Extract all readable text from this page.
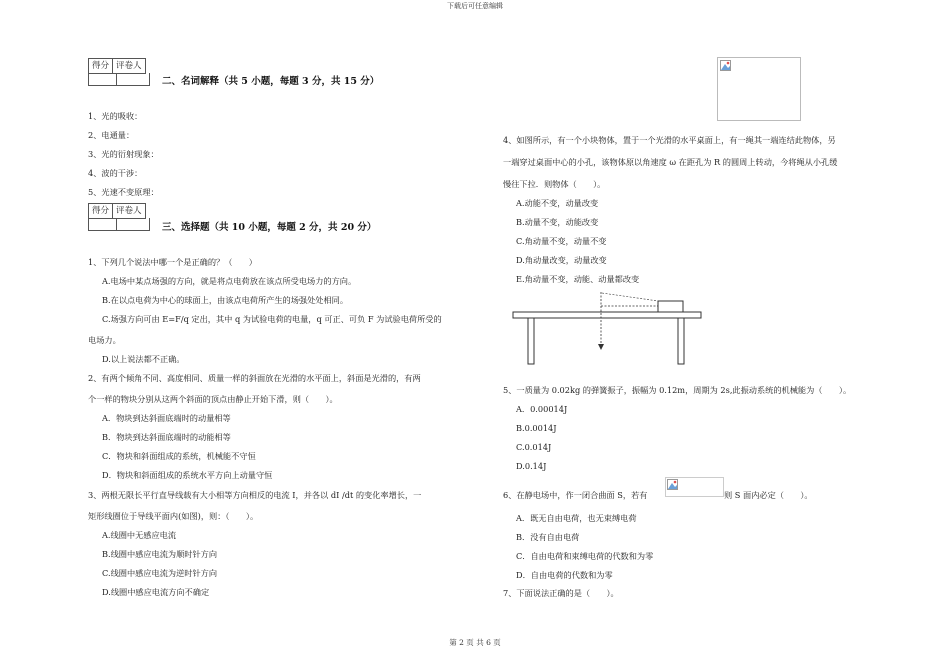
下载后可任意编辑
第 2 页 共 6 页
得分 评卷人
二、名词解释（共 5 小题，每题 3 分，共 15 分）
1、光的吸收：
2、电通量：
3、光的衍射现象：
4、波的干涉：
5、光速不变原理：
得分 评卷人
三、选择题（共 10 小题，每题 2 分，共 20 分）
1、下列几个说法中哪一个是正确的？（　　）
A.电场中某点场强的方向，就是将点电荷放在该点所受电场力的方向。
B.在以点电荷为中心的球面上，由该点电荷所产生的场强处处相同。
C.场强方向可由 E=F/q 定出，其中 q 为试验电荷的电量，q 可正、可负 F 为试验电荷所受的
电场力。
D.以上说法都不正确。
2、有两个倾角不同、高度相同、质量一样的斜面放在光滑的水平面上，斜面是光滑的，有两
个一样的物块分别从这两个斜面的顶点由静止开始下滑，则（　　）。
A．物块到达斜面底端时的动量相等
B．物块到达斜面底端时的动能相等
C．物块和斜面组成的系统，机械能不守恒
D．物块和斜面组成的系统水平方向上动量守恒
3、两根无限长平行直导线载有大小相等方向相反的电流 I，并各以 dI /dt 的变化率增长，一
矩形线圈位于导线平面内(如图)，则：（　　）。
A.线圈中无感应电流
B.线圈中感应电流为顺时针方向
C.线圈中感应电流为逆时针方向
D.线圈中感应电流方向不确定
4、如图所示，有一个小块物体，置于一个光滑的水平桌面上，有一绳其一端连结此物体，另
一端穿过桌面中心的小孔，该物体原以角速度 ω 在距孔为 R 的圆周上转动，今将绳从小孔缓
慢往下拉．则物体（　　）。
A.动能不变，动量改变
B.动量不变，动能改变
C.角动量不变，动量不变
D.角动量改变，动量改变
E.角动量不变，动能、动量都改变
5、一质量为 0.02kg 的弹簧振子，振幅为 0.12m，周期为 2s,此振动系统的机械能为（　　）。
A．0.00014J
B.0.0014J
C.0.014J
D.0.14J
6、在静电场中，作一闭合曲面 S，若有	则 S 面内必定（　　）。
A．既无自由电荷，也无束缚电荷
B．没有自由电荷
C．自由电荷和束缚电荷的代数和为零
D．自由电荷的代数和为零
7、下面说法正确的是（　　）。
